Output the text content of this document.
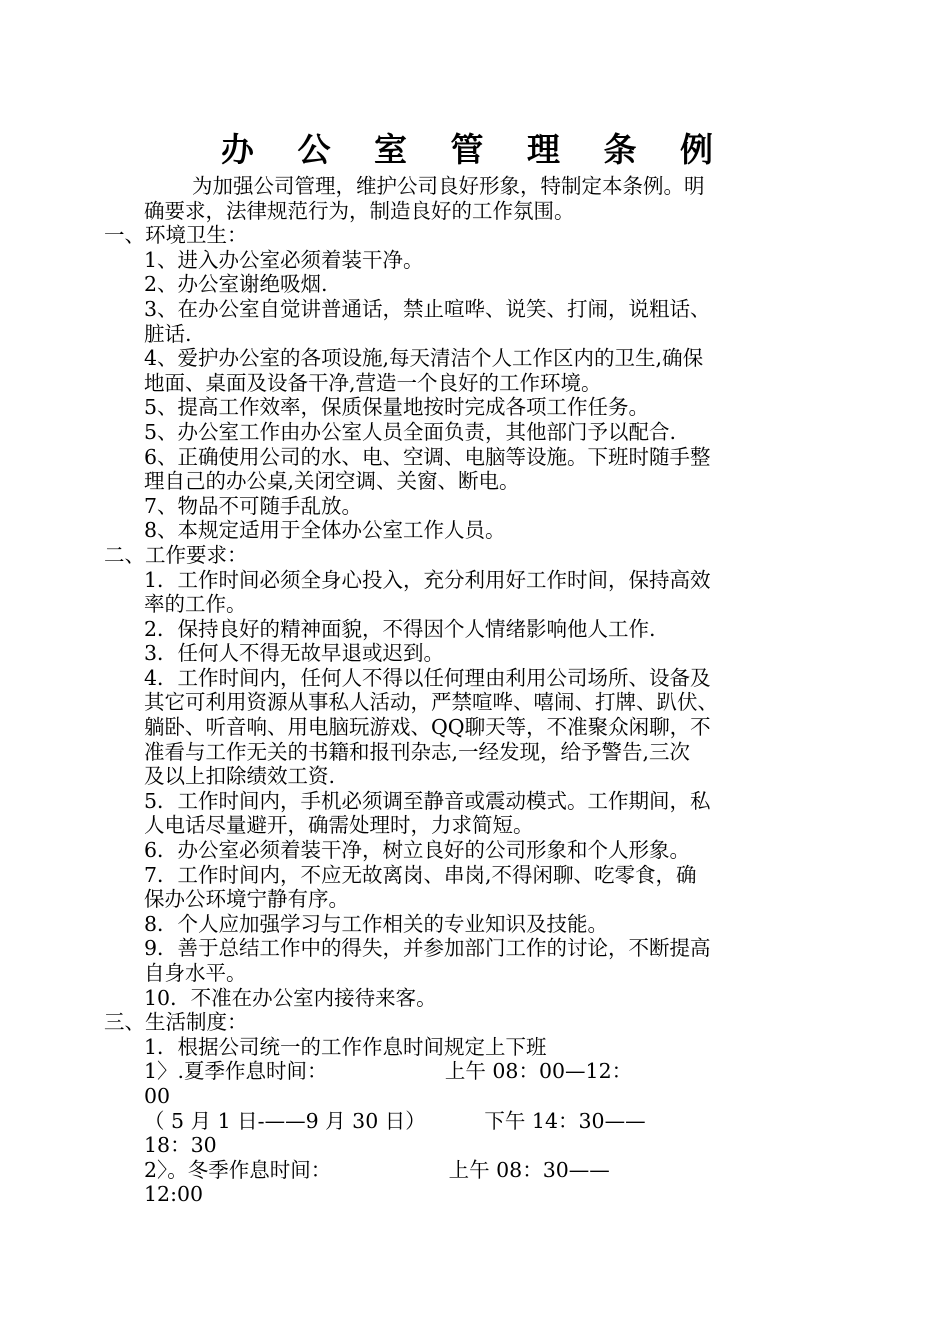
办 公 室 管 理 条 例

为加强公司管理，维护公司良好形象，特制定本条例。明

确要求，法律规范行为，制造良好的工作氛围。

一、环境卫生：

1、进入办公室必须着装干净。

2、办公室谢绝吸烟.

3、在办公室自觉讲普通话，禁止喧哗、说笑、打闹，说粗话、

脏话.

4、爱护办公室的各项设施,每天清洁个人工作区内的卫生,确保

地面、桌面及设备干净,营造一个良好的工作环境。

5、提高工作效率，保质保量地按时完成各项工作任务。

5、办公室工作由办公室人员全面负责，其他部门予以配合.

6、正确使用公司的水、电、空调、电脑等设施。下班时随手整

理自己的办公桌,关闭空调、关窗、断电。

7、物品不可随手乱放。

8、本规定适用于全体办公室工作人员。

二、工作要求：

1．工作时间必须全身心投入，充分利用好工作时间，保持高效

率的工作。

2．保持良好的精神面貌，不得因个人情绪影响他人工作.

3．任何人不得无故早退或迟到。

4．工作时间内，任何人不得以任何理由利用公司场所、设备及

其它可利用资源从事私人活动，严禁喧哗、嘻闹、打牌、趴伏、

躺卧、听音响、用电脑玩游戏、QQ聊天等，不准聚众闲聊，不

准看与工作无关的书籍和报刊杂志,一经发现，给予警告,三次

及以上扣除绩效工资.

5．工作时间内，手机必须调至静音或震动模式。工作期间，私

人电话尽量避开，确需处理时，力求简短。

6．办公室必须着装干净，树立良好的公司形象和个人形象。

7．工作时间内，不应无故离岗、串岗,不得闲聊、吃零食，确

保办公环境宁静有序。

8．个人应加强学习与工作相关的专业知识及技能。

9．善于总结工作中的得失，并参加部门工作的讨论，不断提高

自身水平。

10．不准在办公室内接待来客。

三、生活制度：

1．根据公司统一的工作作息时间规定上下班

1〉.夏季作息时间：                  上午 08：00—12：

00

（ 5 月 1 日-——9 月 30 日）         下午 14：30——

18：30

2〉。冬季作息时间：                  上午 08：30——

12:00
